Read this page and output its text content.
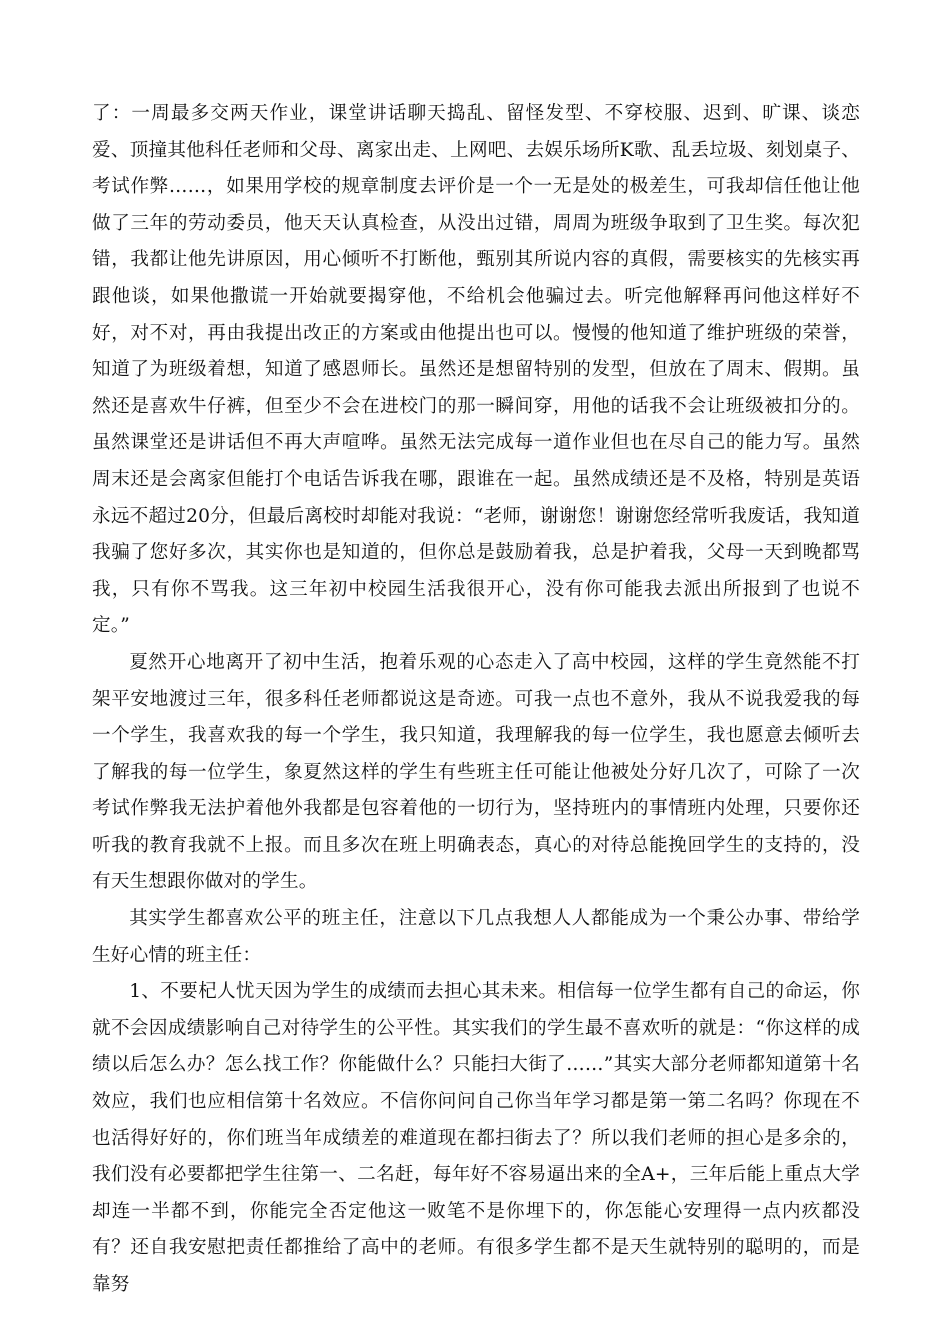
了：一周最多交两天作业，课堂讲话聊天捣乱、留怪发型、不穿校服、迟到、旷课、谈恋爱、顶撞其他科任老师和父母、离家出走、上网吧、去娱乐场所K歌、乱丢垃圾、刻划桌子、考试作弊……，如果用学校的规章制度去评价是一个一无是处的极差生，可我却信任他让他做了三年的劳动委员，他天天认真检查，从没出过错，周周为班级争取到了卫生奖。每次犯错，我都让他先讲原因，用心倾听不打断他，甄别其所说内容的真假，需要核实的先核实再跟他谈，如果他撒谎一开始就要揭穿他，不给机会他骗过去。听完他解释再问他这样好不好，对不对，再由我提出改正的方案或由他提出也可以。慢慢的他知道了维护班级的荣誉，知道了为班级着想，知道了感恩师长。虽然还是想留特别的发型，但放在了周末、假期。虽然还是喜欢牛仔裤，但至少不会在进校门的那一瞬间穿，用他的话我不会让班级被扣分的。虽然课堂还是讲话但不再大声喧哗。虽然无法完成每一道作业但也在尽自己的能力写。虽然周末还是会离家但能打个电话告诉我在哪，跟谁在一起。虽然成绩还是不及格，特别是英语永远不超过20分，但最后离校时却能对我说：“老师，谢谢您！谢谢您经常听我废话，我知道我骗了您好多次，其实你也是知道的，但你总是鼓励着我，总是护着我，父母一天到晚都骂我，只有你不骂我。这三年初中校园生活我很开心，没有你可能我去派出所报到了也说不定。”

夏然开心地离开了初中生活，抱着乐观的心态走入了高中校园，这样的学生竟然能不打架平安地渡过三年，很多科任老师都说这是奇迹。可我一点也不意外，我从不说我爱我的每一个学生，我喜欢我的每一个学生，我只知道，我理解我的每一位学生，我也愿意去倾听去了解我的每一位学生，象夏然这样的学生有些班主任可能让他被处分好几次了，可除了一次考试作弊我无法护着他外我都是包容着他的一切行为，坚持班内的事情班内处理，只要你还听我的教育我就不上报。而且多次在班上明确表态，真心的对待总能挽回学生的支持的，没有天生想跟你做对的学生。

其实学生都喜欢公平的班主任，注意以下几点我想人人都能成为一个秉公办事、带给学生好心情的班主任：

1、不要杞人忧天因为学生的成绩而去担心其未来。相信每一位学生都有自己的命运，你就不会因成绩影响自己对待学生的公平性。其实我们的学生最不喜欢听的就是：“你这样的成绩以后怎么办？怎么找工作？你能做什么？只能扫大街了……”其实大部分老师都知道第十名效应，我们也应相信第十名效应。不信你问问自己你当年学习都是第一第二名吗？你现在不也活得好好的，你们班当年成绩差的难道现在都扫街去了？所以我们老师的担心是多余的，我们没有必要都把学生往第一、二名赶，每年好不容易逼出来的全A+，三年后能上重点大学却连一半都不到，你能完全否定他这一败笔不是你埋下的，你怎能心安理得一点内疚都没有？还自我安慰把责任都推给了高中的老师。有很多学生都不是天生就特别的聪明的，而是靠努
